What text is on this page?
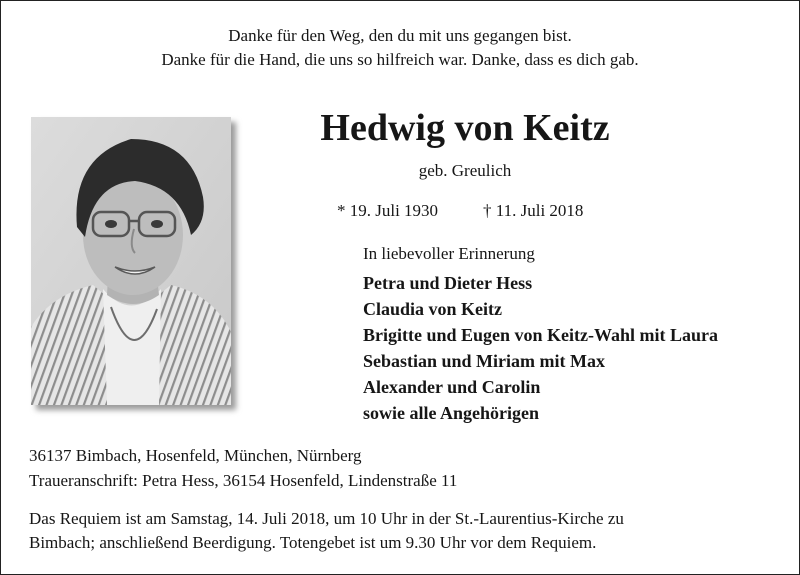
Danke für den Weg, den du mit uns gegangen bist.
Danke für die Hand, die uns so hilfreich war. Danke, dass es dich gab.
Hedwig von Keitz
geb. Greulich
* 19. Juli 1930	† 11. Juli 2018
In liebevoller Erinnerung
Petra und Dieter Hess
Claudia von Keitz
Brigitte und Eugen von Keitz-Wahl mit Laura
Sebastian und Miriam mit Max
Alexander und Carolin
sowie alle Angehörigen
36137 Bimbach, Hosenfeld, München, Nürnberg
Traueranschrift: Petra Hess, 36154 Hosenfeld, Lindenstraße 11
Das Requiem ist am Samstag, 14. Juli 2018, um 10 Uhr in der St.-Laurentius-Kirche zu
Bimbach; anschließend Beerdigung. Totengebet ist um 9.30 Uhr vor dem Requiem.
